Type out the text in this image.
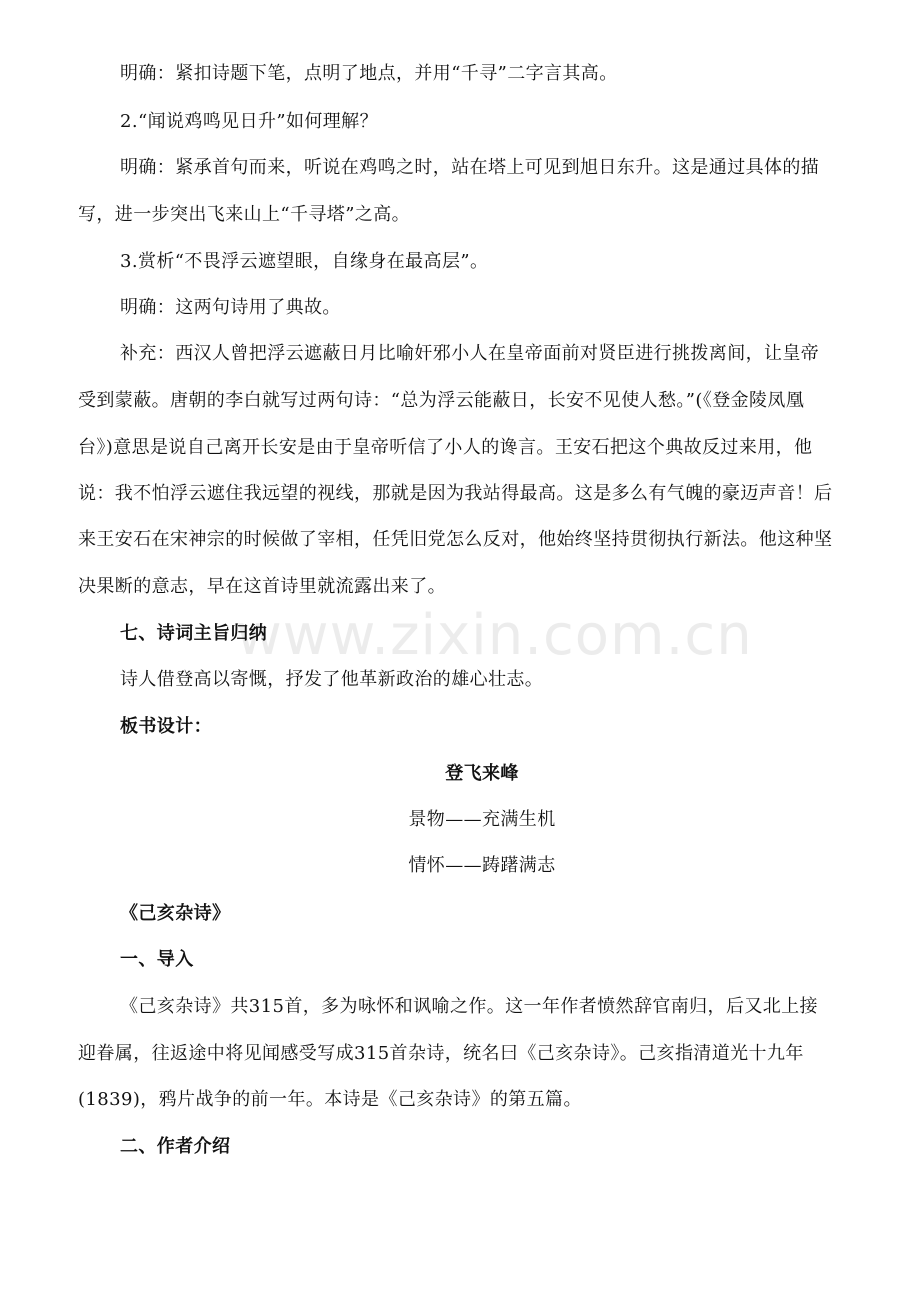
www.zixin.com.cn
明确：紧扣诗题下笔，点明了地点，并用“千寻”二字言其高。
2.“闻说鸡鸣见日升”如何理解？
明确：紧承首句而来，听说在鸡鸣之时，站在塔上可见到旭日东升。这是通过具体的描
写，进一步突出飞来山上“千寻塔”之高。
3.赏析“不畏浮云遮望眼，自缘身在最高层”。
明确：这两句诗用了典故。
补充：西汉人曾把浮云遮蔽日月比喻奸邪小人在皇帝面前对贤臣进行挑拨离间，让皇帝
受到蒙蔽。唐朝的李白就写过两句诗：“总为浮云能蔽日，长安不见使人愁。”(《登金陵凤凰
台》)意思是说自己离开长安是由于皇帝听信了小人的谗言。王安石把这个典故反过来用，他
说：我不怕浮云遮住我远望的视线，那就是因为我站得最高。这是多么有气魄的豪迈声音！后
来王安石在宋神宗的时候做了宰相，任凭旧党怎么反对，他始终坚持贯彻执行新法。他这种坚
决果断的意志，早在这首诗里就流露出来了。
七、诗词主旨归纳
诗人借登高以寄慨，抒发了他革新政治的雄心壮志。
板书设计：
登飞来峰
景物——充满生机
情怀——踌躇满志
《己亥杂诗》
一、导入
《己亥杂诗》共315首，多为咏怀和讽喻之作。这一年作者愤然辞官南归，后又北上接
迎眷属，往返途中将见闻感受写成315首杂诗，统名曰《己亥杂诗》。己亥指清道光十九年
(1839)，鸦片战争的前一年。本诗是《己亥杂诗》的第五篇。
二、作者介绍
